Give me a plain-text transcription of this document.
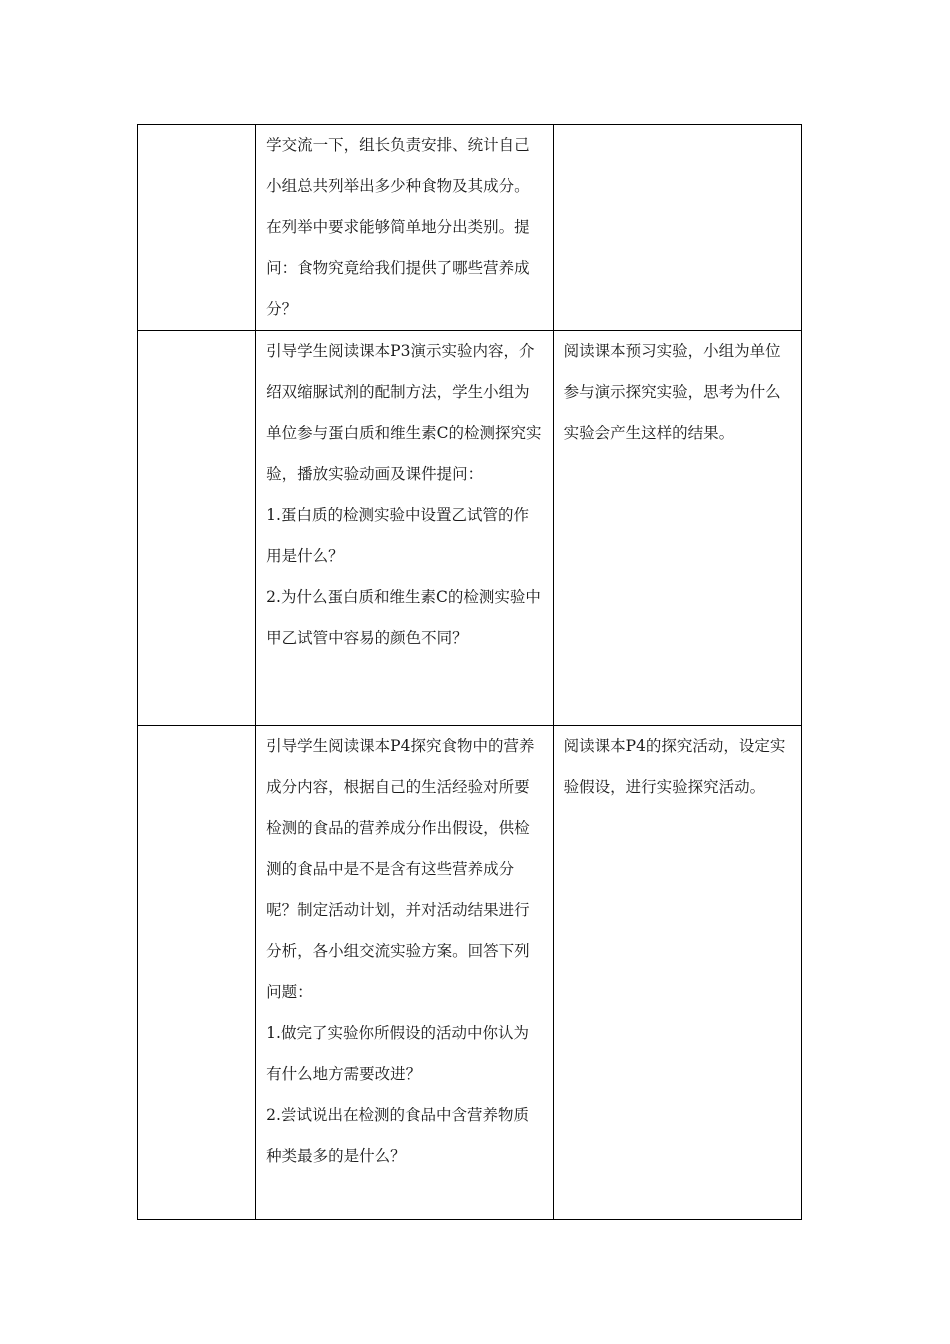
	学交流一下，组长负责安排、统计自己小组总共列举出多少种食物及其成分。在列举中要求能够简单地分出类别。提问：食物究竟给我们提供了哪些营养成分？	

	引导学生阅读课本P3演示实验内容，介绍双缩脲试剂的配制方法，学生小组为单位参与蛋白质和维生素C的检测探究实验，播放实验动画及课件提问：
1.蛋白质的检测实验中设置乙试管的作用是什么？
2.为什么蛋白质和维生素C的检测实验中甲乙试管中容易的颜色不同？	阅读课本预习实验，小组为单位参与演示探究实验，思考为什么实验会产生这样的结果。

	引导学生阅读课本P4探究食物中的营养成分内容，根据自己的生活经验对所要检测的食品的营养成分作出假设，供检测的食品中是不是含有这些营养成分呢？制定活动计划，并对活动结果进行分析，各小组交流实验方案。回答下列问题：
1.做完了实验你所假设的活动中你认为有什么地方需要改进？
2.尝试说出在检测的食品中含营养物质种类最多的是什么？	阅读课本P4的探究活动，设定实验假设，进行实验探究活动。
